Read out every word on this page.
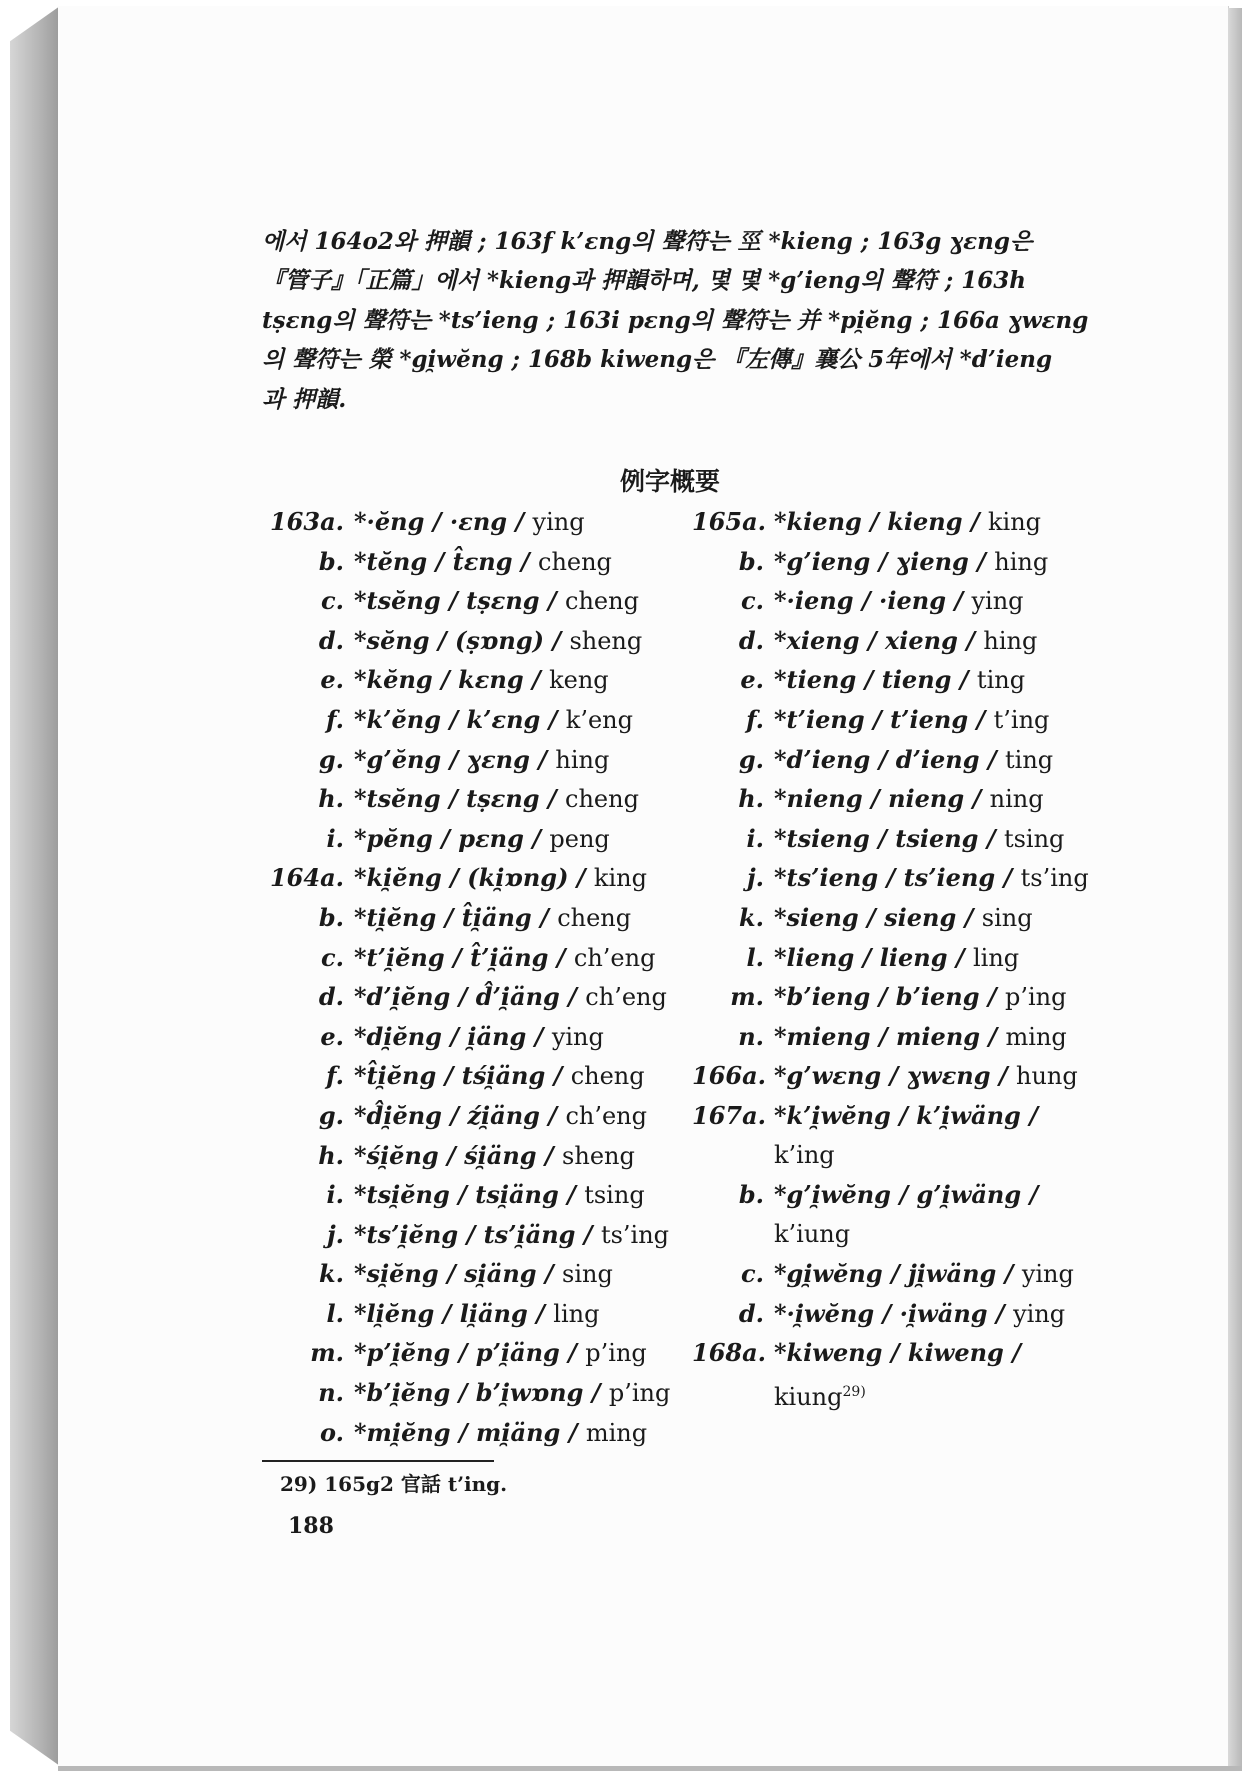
에서 164o2와 押韻 ; 163f k’ɛng의 聲符는 巠 *kieng ; 163g ɣɛng은
『管子』「正篇」에서 *kieng과 押韻하며, 몇 몇 *g’ieng의 聲符 ; 163h
tṣɛng의 聲符는 *ts’ieng ; 163i pɛng의 聲符는 并 *pi̯ĕng ; 166a ɣwɛng
의 聲符는 榮 *gi̯wĕng ; 168b kiweng은 『左傳』襄公 5年에서 *d’ieng
과 押韻.
例字概要
163a. *·ĕng / ·ɛng / ying
b. *tĕng / t̂ɛng / cheng
c. *tsĕng / tṣɛng / cheng
d. *sĕng / (ṣɒng) / sheng
e. *kĕng / kɛng / keng
f. *k’ĕng / k’ɛng / k’eng
g. *g’ĕng / ɣɛng / hing
h. *tsĕng / tṣɛng / cheng
i. *pĕng / pɛng / peng
164a. *ki̯ĕng / (ki̯ɒng) / king
b. *ti̯ĕng / t̂i̯äng / cheng
c. *t’i̯ĕng / t̂’i̯äng / ch’eng
d. *d’i̯ĕng / d̂’i̯äng / ch’eng
e. *di̯ĕng / i̯äng / ying
f. *t̂i̯ĕng / tśi̯äng / cheng
g. *d̂i̯ĕng / źi̯äng / ch’eng
h. *śi̯ĕng / śi̯äng / sheng
i. *tsi̯ĕng / tsi̯äng / tsing
j. *ts’i̯ĕng / ts’i̯äng / ts’ing
k. *si̯ĕng / si̯äng / sing
l. *li̯ĕng / li̯äng / ling
m. *p’i̯ĕng / p’i̯äng / p’ing
n. *b’i̯ĕng / b’i̯wɒng / p’ing
o. *mi̯ĕng / mi̯äng / ming
165a. *kieng / kieng / king
b. *g’ieng / ɣieng / hing
c. *·ieng / ·ieng / ying
d. *xieng / xieng / hing
e. *tieng / tieng / ting
f. *t’ieng / t’ieng / t’ing
g. *d’ieng / d’ieng / ting
h. *nieng / nieng / ning
i. *tsieng / tsieng / tsing
j. *ts’ieng / ts’ieng / ts’ing
k. *sieng / sieng / sing
l. *lieng / lieng / ling
m. *b’ieng / b’ieng / p’ing
n. *mieng / mieng / ming
166a. *g’wɛng / ɣwɛng / hung
167a. *k’i̯wĕng / k’i̯wäng /
k’ing
b. *g’i̯wĕng / g’i̯wäng /
k’iung
c. *gi̯wĕng / ji̯wäng / ying
d. *·i̯wĕng / ·i̯wäng / ying
168a. *kiweng / kiweng /
kiung$^{29)}$
29) 165g2 官話 t’ing.
188
